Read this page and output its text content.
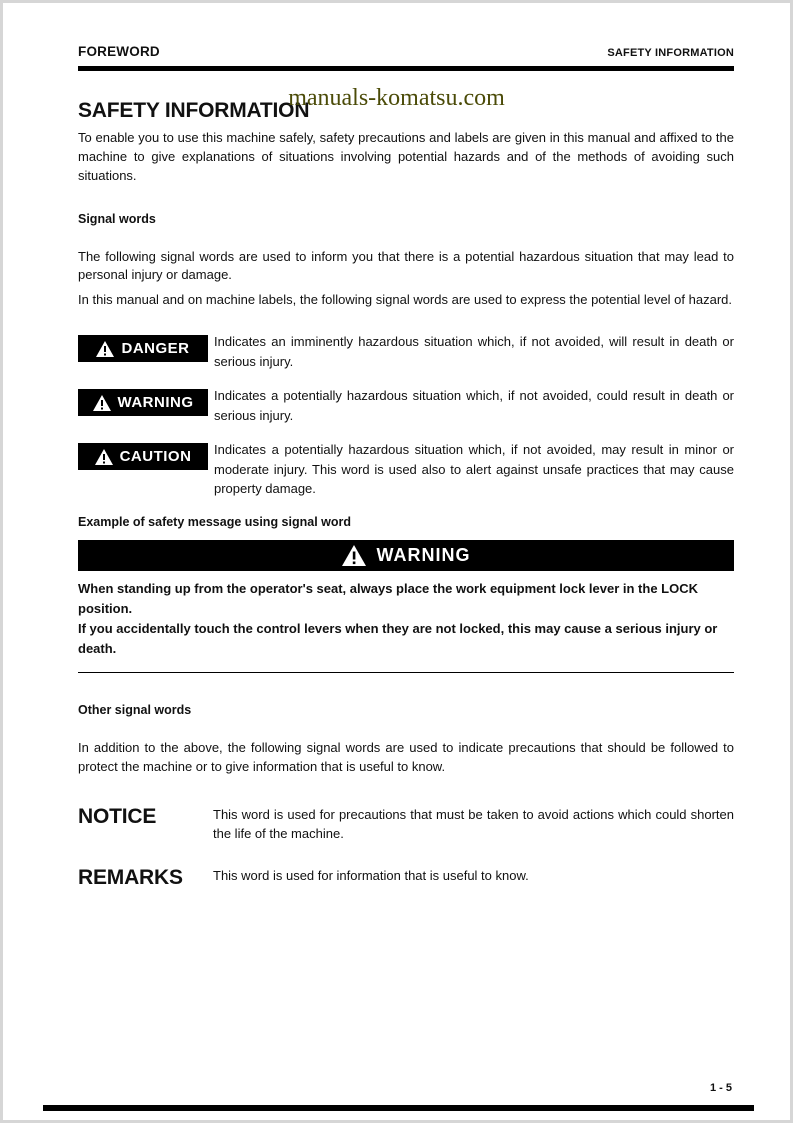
manuals-komatsu.com
FOREWORD	SAFETY INFORMATION
SAFETY INFORMATION

To enable you to use this machine safely, safety precautions and labels are given in this manual and affixed to the machine to give explanations of situations involving potential hazards and of the methods of avoiding such situations.

Signal words

The following signal words are used to inform you that there is a potential hazardous situation that may lead to personal injury or damage.

In this manual and on machine labels, the following signal words are used to express the potential level of hazard.

DANGER Indicates an imminently hazardous situation which, if not avoided, will result in death or serious injury.
WARNING Indicates a potentially hazardous situation which, if not avoided, could result in death or serious injury.
CAUTION Indicates a potentially hazardous situation which, if not avoided, may result in minor or moderate injury. This word is used also to alert against unsafe practices that may cause property damage.
Example of safety message using signal word
WARNING
When standing up from the operator's seat, always place the work equipment lock lever in the LOCK position.
If you accidentally touch the control levers when they are not locked, this may cause a serious injury or death.
Other signal words

In addition to the above, the following signal words are used to indicate precautions that should be followed to protect the machine or to give information that is useful to know.

NOTICE	This word is used for precautions that must be taken to avoid actions which could shorten the life of the machine.
REMARKS	This word is used for information that is useful to know.
1 - 5
